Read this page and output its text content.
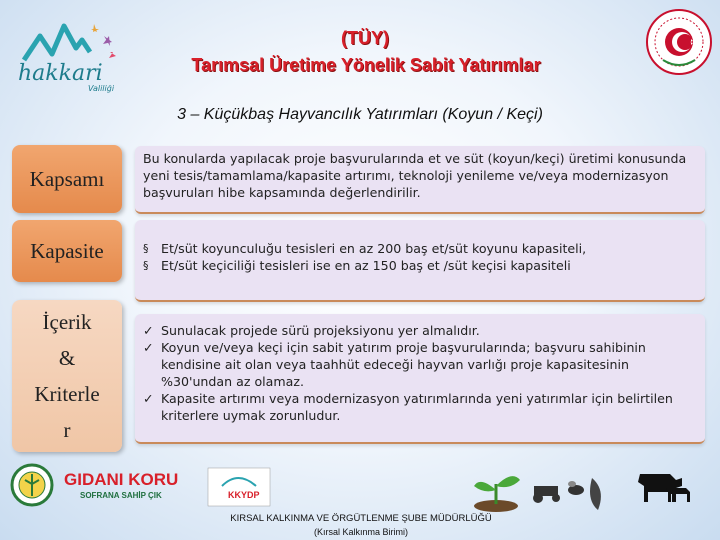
hakkari
Valiliği
(TÜY)
Tarımsal Üretime Yönelik Sabit Yatırımlar
3 – Küçükbaş Hayvancılık Yatırımları (Koyun / Keçi)
Kapsamı

Bu konularda yapılacak proje başvurularında et ve süt (koyun/keçi) üretimi konusunda yeni tesis/tamamlama/kapasite artırımı, teknoloji yenileme ve/veya modernizasyon başvuruları hibe kapsamında değerlendirilir.

Kapasite	§ Et/süt koyunculuğu tesisleri en az 200 baş et/süt koyunu kapasiteli,
§ Et/süt keçiciliği tesisleri ise en az 150 baş et /süt keçisi kapasiteli
İçerik
&
Kriterle
r
✓ Sunulacak projede sürü projeksiyonu yer almalıdır.
✓ Koyun ve/veya keçi için sabit yatırım proje başvurularında; başvuru sahibinin kendisine ait olan veya taahhüt edeceği hayvan varlığı proje kapasitesinin %30'undan az olamaz.
✓ Kapasite artırımı veya modernizasyon yatırımlarında yeni yatırımlar için belirtilen kriterlere uymak zorunludur.
GIDANI KORU
SOFRANA SAHİP ÇIK	KKYDP
KIRSAL KALKINMA VE ÖRGÜTLENME ŞUBE MÜDÜRLÜĞÜ
(Kırsal Kalkınma Birimi)
